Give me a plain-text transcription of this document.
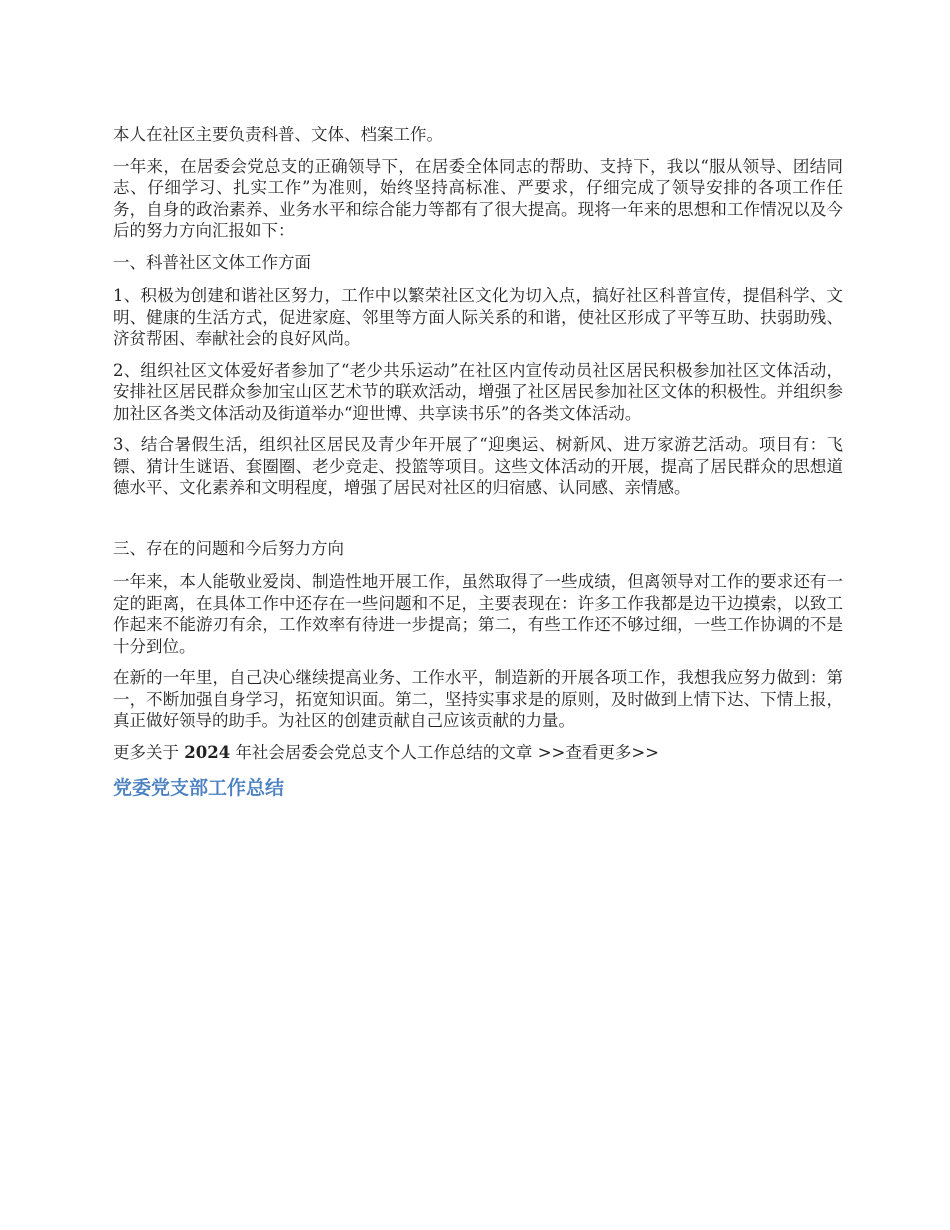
本人在社区主要负责科普、文体、档案工作。

一年来，在居委会党总支的正确领导下，在居委全体同志的帮助、支持下，我以“服从领导、团结同志、仔细学习、扎实工作”为准则，始终坚持高标准、严要求，仔细完成了领导安排的各项工作任务，自身的政治素养、业务水平和综合能力等都有了很大提高。现将一年来的思想和工作情况以及今后的努力方向汇报如下：

一、科普社区文体工作方面

1、积极为创建和谐社区努力，工作中以繁荣社区文化为切入点，搞好社区科普宣传，提倡科学、文明、健康的生活方式，促进家庭、邻里等方面人际关系的和谐，使社区形成了平等互助、扶弱助残、济贫帮困、奉献社会的良好风尚。

2、组织社区文体爱好者参加了“老少共乐运动”在社区内宣传动员社区居民积极参加社区文体活动，安排社区居民群众参加宝山区艺术节的联欢活动，增强了社区居民参加社区文体的积极性。并组织参加社区各类文体活动及街道举办“迎世博、共享读书乐”的各类文体活动。

3、结合暑假生活，组织社区居民及青少年开展了“迎奥运、树新风、进万家游艺活动。项目有：飞镖、猜计生谜语、套圈圈、老少竞走、投篮等项目。这些文体活动的开展，提高了居民群众的思想道德水平、文化素养和文明程度，增强了居民对社区的归宿感、认同感、亲情感。

三、存在的问题和今后努力方向

一年来，本人能敬业爱岗、制造性地开展工作，虽然取得了一些成绩，但离领导对工作的要求还有一定的距离，在具体工作中还存在一些问题和不足，主要表现在：许多工作我都是边干边摸索，以致工作起来不能游刃有余，工作效率有待进一步提高；第二，有些工作还不够过细，一些工作协调的不是十分到位。

在新的一年里，自己决心继续提高业务、工作水平，制造新的开展各项工作，我想我应努力做到：第一，不断加强自身学习，拓宽知识面。第二，坚持实事求是的原则，及时做到上情下达、下情上报，真正做好领导的助手。为社区的创建贡献自己应该贡献的力量。

更多关于 2024 年社会居委会党总支个人工作总结的文章 >>查看更多>>

党委党支部工作总结
